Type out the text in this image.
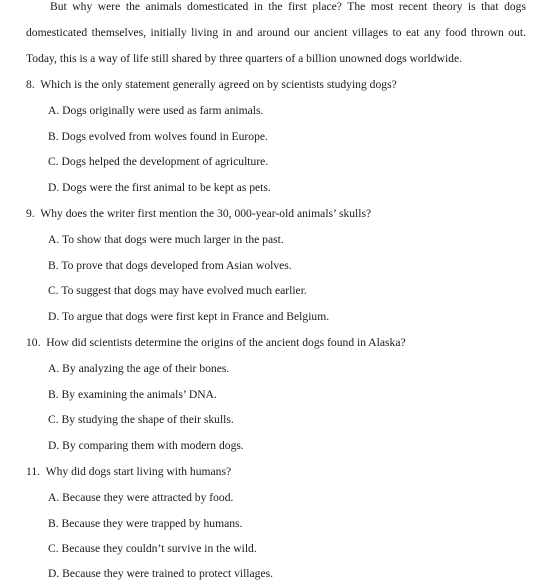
But why were the animals domesticated in the first place? The most recent theory is that dogs
domesticated themselves, initially living in and around our ancient villages to eat any food thrown out.
Today, this is a way of life still shared by three quarters of a billion unowned dogs worldwide.
8. Which is the only statement generally agreed on by scientists studying dogs?
A. Dogs originally were used as farm animals.
B. Dogs evolved from wolves found in Europe.
C. Dogs helped the development of agriculture.
D. Dogs were the first animal to be kept as pets.
9. Why does the writer first mention the 30, 000-year-old animals’ skulls?
A. To show that dogs were much larger in the past.
B. To prove that dogs developed from Asian wolves.
C. To suggest that dogs may have evolved much earlier.
D. To argue that dogs were first kept in France and Belgium.
10. How did scientists determine the origins of the ancient dogs found in Alaska?
A. By analyzing the age of their bones.
B. By examining the animals’ DNA.
C. By studying the shape of their skulls.
D. By comparing them with modern dogs.
11. Why did dogs start living with humans?
A. Because they were attracted by food.
B. Because they were trapped by humans.
C. Because they couldn’t survive in the wild.
D. Because they were trained to protect villages.
